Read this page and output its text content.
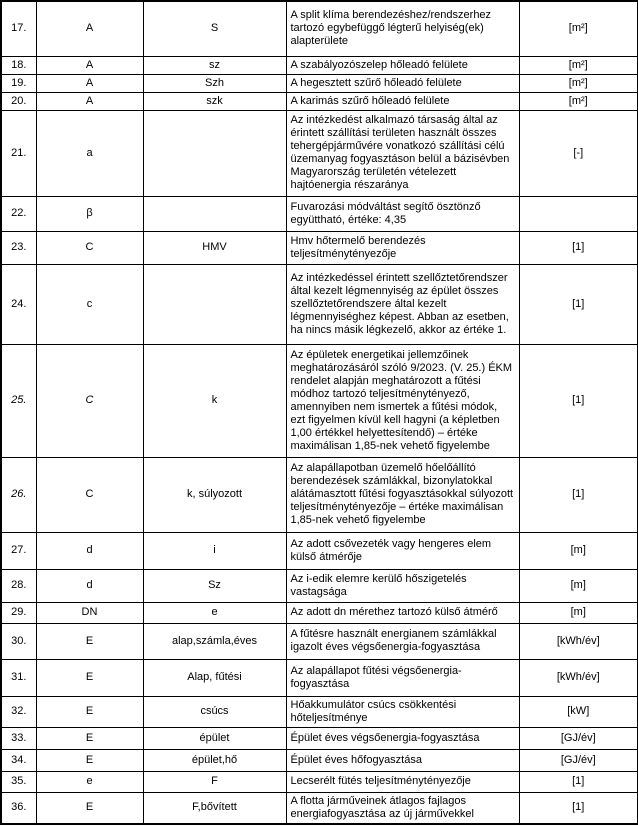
17.	A	S	A split klíma berendezéshez/rendszerhez tartozó egybefüggő légterű helyiség(ek) alapterülete	[m²]
18.	A	sz	A szabályozószelep hőleadó felülete	[m²]
19.	A	Szh	A hegesztett szűrő hőleadó felülete	[m²]
20.	A	szk	A karimás szűrő hőleadó felülete	[m²]
21.	a		Az intézkedést alkalmazó társaság által az érintett szállítási területen használt összes tehergépjárművére vonatkozó szállítási célú üzemanyag fogyasztáson belül a bázisévben Magyarország területén vételezett hajtóenergia részaránya	[-]
22.	β		Fuvarozási módváltást segítő ösztönző együttható, értéke: 4,35	
23.	C	HMV	Hmv hőtermelő berendezés teljesítménytényezője	[1]
24.	c		Az intézkedéssel érintett szellőztetőrendszer által kezelt légmennyiség az épület összes szellőztetőrendszere által kezelt légmennyiséghez képest. Abban az esetben, ha nincs másik légkezelő, akkor az értéke 1.	[1]
25.	C	k	Az épületek energetikai jellemzőinek meghatározásáról szóló 9/2023. (V. 25.) ÉKM rendelet alapján meghatározott a fűtési módhoz tartozó teljesítménytényező, amennyiben nem ismertek a fűtési módok, ezt figyelmen kívül kell hagyni (a képletben 1,00 értékkel helyettesítendő) – értéke maximálisan 1,85-nek vehető figyelembe	[1]
26.	C	k, súlyozott	Az alapállapotban üzemelő hőelőállító berendezések számlákkal, bizonylatokkal alátámasztott fűtési fogyasztásokkal súlyozott teljesítménytényezője – értéke maximálisan 1,85-nek vehető figyelembe	[1]
27.	d	i	Az adott csővezeték vagy hengeres elem külső átmérője	[m]
28.	d	Sz	Az i-edik elemre kerülő hőszigetelés vastagsága	[m]
29.	DN	e	Az adott dn mérethez tartozó külső átmérő	[m]
30.	E	alap,számla,éves	A fűtésre használt energianem számlákkal igazolt éves végsőenergia-fogyasztása	[kWh/év]
31.	E	Alap, fűtési	Az alapállapot fűtési végsőenergia-fogyasztása	[kWh/év]
32.	E	csúcs	Hőakkumulátor csúcs csökkentési hőteljesítménye	[kW]
33.	E	épület	Épület éves végsőenergia-fogyasztása	[GJ/év]
34.	E	épület,hő	Épület éves hőfogyasztása	[GJ/év]
35.	e	F	Lecserélt fütés teljesítménytényezője	[1]
36.	E	F,bővített	A flotta járműveinek átlagos fajlagos energiafogyasztása az új járművekkel	[1]
